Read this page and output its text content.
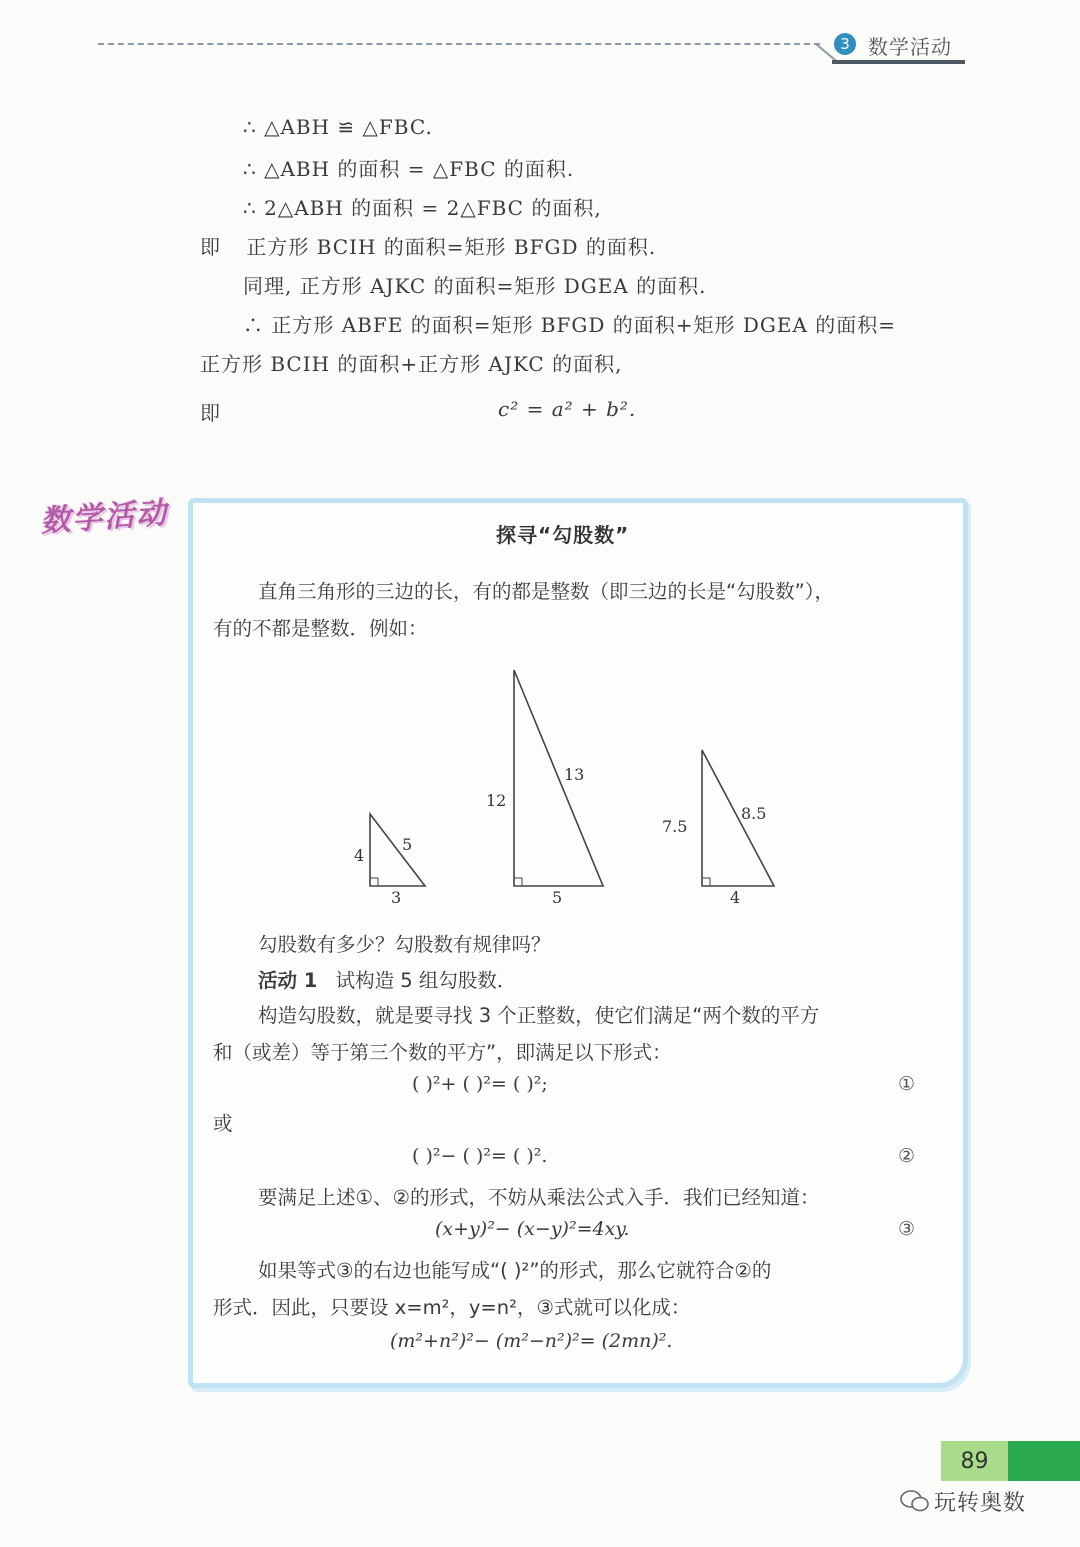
3 数学活动
∴ △ABH ≌ △FBC.
∴ △ABH 的面积 = △FBC 的面积.
∴ 2△ABH 的面积 = 2△FBC 的面积,
即 正方形 BCIH 的面积=矩形 BFGD 的面积.
同理, 正方形 AJKC 的面积=矩形 DGEA 的面积.
∴ 正方形 ABFE 的面积=矩形 BFGD 的面积+矩形 DGEA 的面积=
正方形 BCIH 的面积+正方形 AJKC 的面积,
即	c² = a² + b².
数学活动	探寻“勾股数”
直角三角形的三边的长，有的都是整数（即三边的长是“勾股数”），
有的不都是整数．例如：
4
3
5
12
5
13
7.5
4
8.5
勾股数有多少？勾股数有规律吗？
活动 1 试构造 5 组勾股数．
构造勾股数，就是要寻找 3 个正整数，使它们满足“两个数的平方
和（或差）等于第三个数的平方”，即满足以下形式：
( )²+ ( )²= ( )²;	①
或
( )²− ( )²= ( )².	②
要满足上述①、②的形式，不妨从乘法公式入手．我们已经知道：
(x+y)²− (x−y)²=4xy.	③
如果等式③的右边也能写成“( )²”的形式，那么它就符合②的
形式．因此，只要设 x=m²，y=n²，③式就可以化成：
(m²+n²)²− (m²−n²)²= (2mn)².
89
玩转奥数
